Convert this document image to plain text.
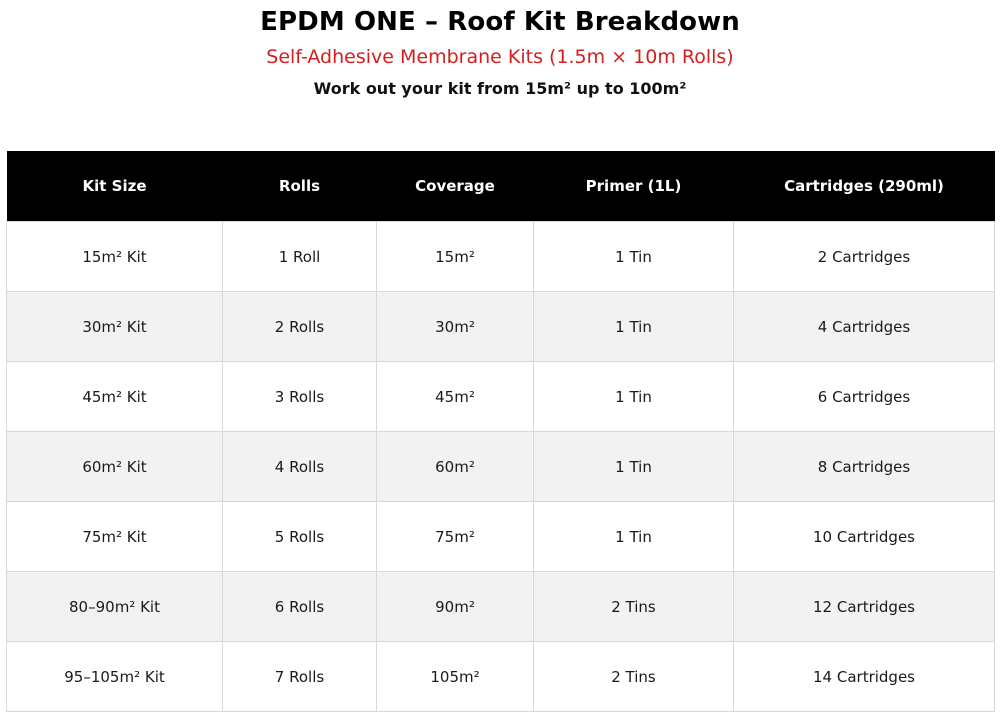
EPDM ONE – Roof Kit Breakdown
Self-Adhesive Membrane Kits (1.5m × 10m Rolls)
Work out your kit from 15m² up to 100m²
Kit Size	Rolls	Coverage	Primer (1L)	Cartridges (290ml)
15m² Kit	1 Roll	15m²	1 Tin	2 Cartridges
30m² Kit	2 Rolls	30m²	1 Tin	4 Cartridges
45m² Kit	3 Rolls	45m²	1 Tin	6 Cartridges
60m² Kit	4 Rolls	60m²	1 Tin	8 Cartridges
75m² Kit	5 Rolls	75m²	1 Tin	10 Cartridges
80–90m² Kit	6 Rolls	90m²	2 Tins	12 Cartridges
95–105m² Kit	7 Rolls	105m²	2 Tins	14 Cartridges
